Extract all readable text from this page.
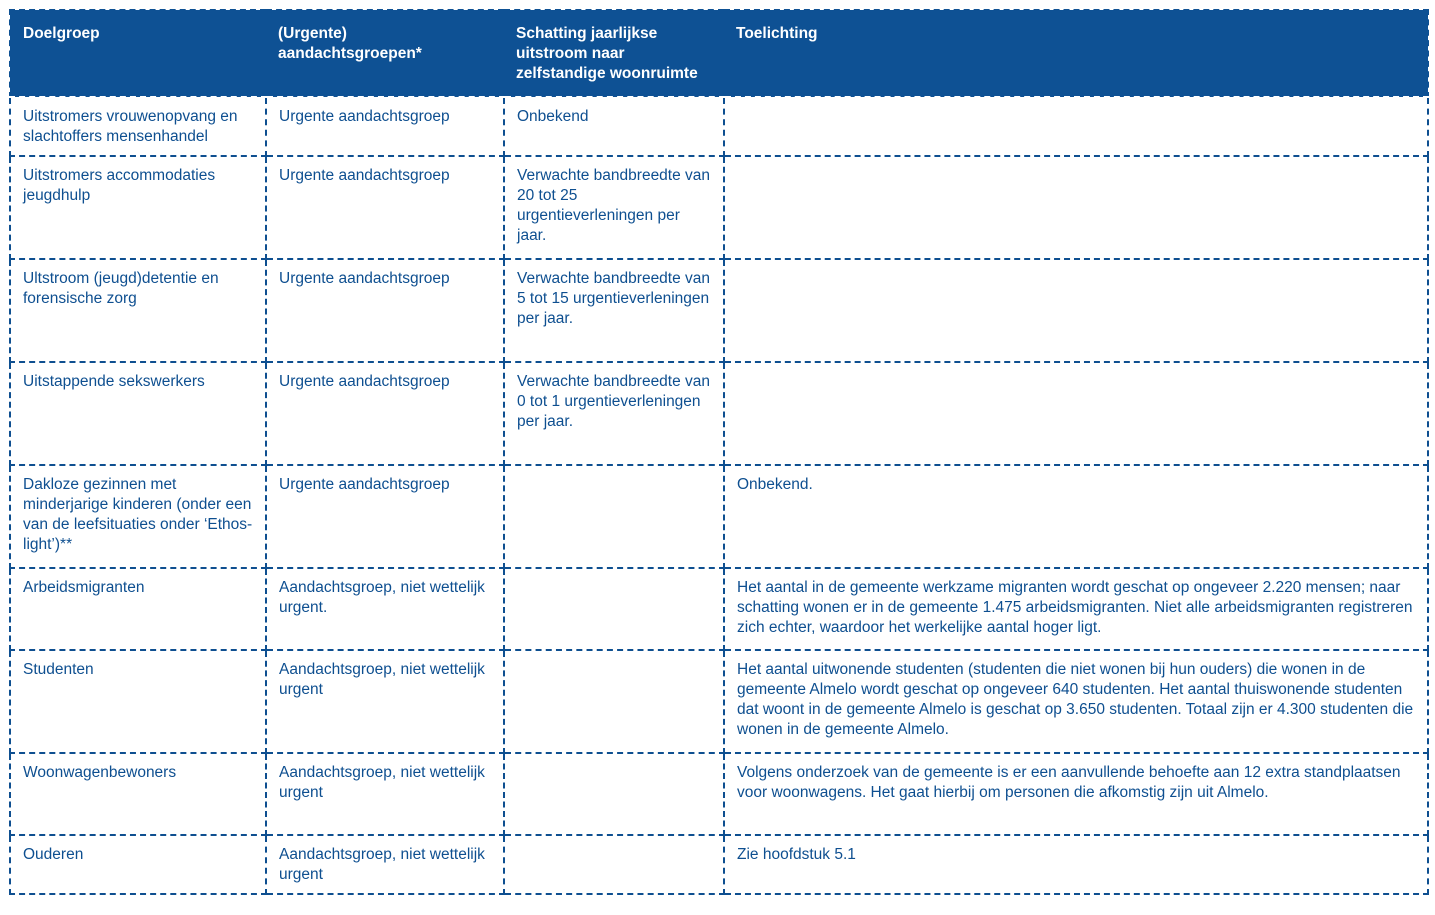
Doelgroep	(Urgente) aandachtsgroepen*	Schatting jaarlijkse uitstroom naar zelfstandige woonruimte	Toelichting
Uitstromers vrouwenopvang en slachtoffers mensenhandel	Urgente aandachtsgroep	Onbekend	
Uitstromers accommodaties jeugdhulp	Urgente aandachtsgroep	Verwachte bandbreedte van 20 tot 25 urgentieverleningen per jaar.	
Ultstroom (jeugd)detentie en forensische zorg	Urgente aandachtsgroep	Verwachte bandbreedte van 5 tot 15 urgentieverleningen per jaar.	
Uitstappende sekswerkers	Urgente aandachtsgroep	Verwachte bandbreedte van 0 tot 1 urgentieverleningen per jaar.	
Dakloze gezinnen met minderjarige kinderen (onder een van de leefsituaties onder ‘Ethos-light’)**	Urgente aandachtsgroep		Onbekend.
Arbeidsmigranten	Aandachtsgroep, niet wettelijk urgent.		Het aantal in de gemeente werkzame migranten wordt geschat op ongeveer 2.220 mensen; naar schatting wonen er in de gemeente 1.475 arbeidsmigranten. Niet alle arbeidsmigranten registreren zich echter, waardoor het werkelijke aantal hoger ligt.
Studenten	Aandachtsgroep, niet wettelijk urgent		Het aantal uitwonende studenten (studenten die niet wonen bij hun ouders) die wonen in de gemeente Almelo wordt geschat op ongeveer 640 studenten. Het aantal thuiswonende studenten dat woont in de gemeente Almelo is geschat op 3.650 studenten. Totaal zijn er 4.300 studenten die wonen in de gemeente Almelo.
Woonwagenbewoners	Aandachtsgroep, niet wettelijk urgent		Volgens onderzoek van de gemeente is er een aanvullende behoefte aan 12 extra standplaatsen voor woonwagens. Het gaat hierbij om personen die afkomstig zijn uit Almelo.
Ouderen	Aandachtsgroep, niet wettelijk urgent		Zie hoofdstuk 5.1
